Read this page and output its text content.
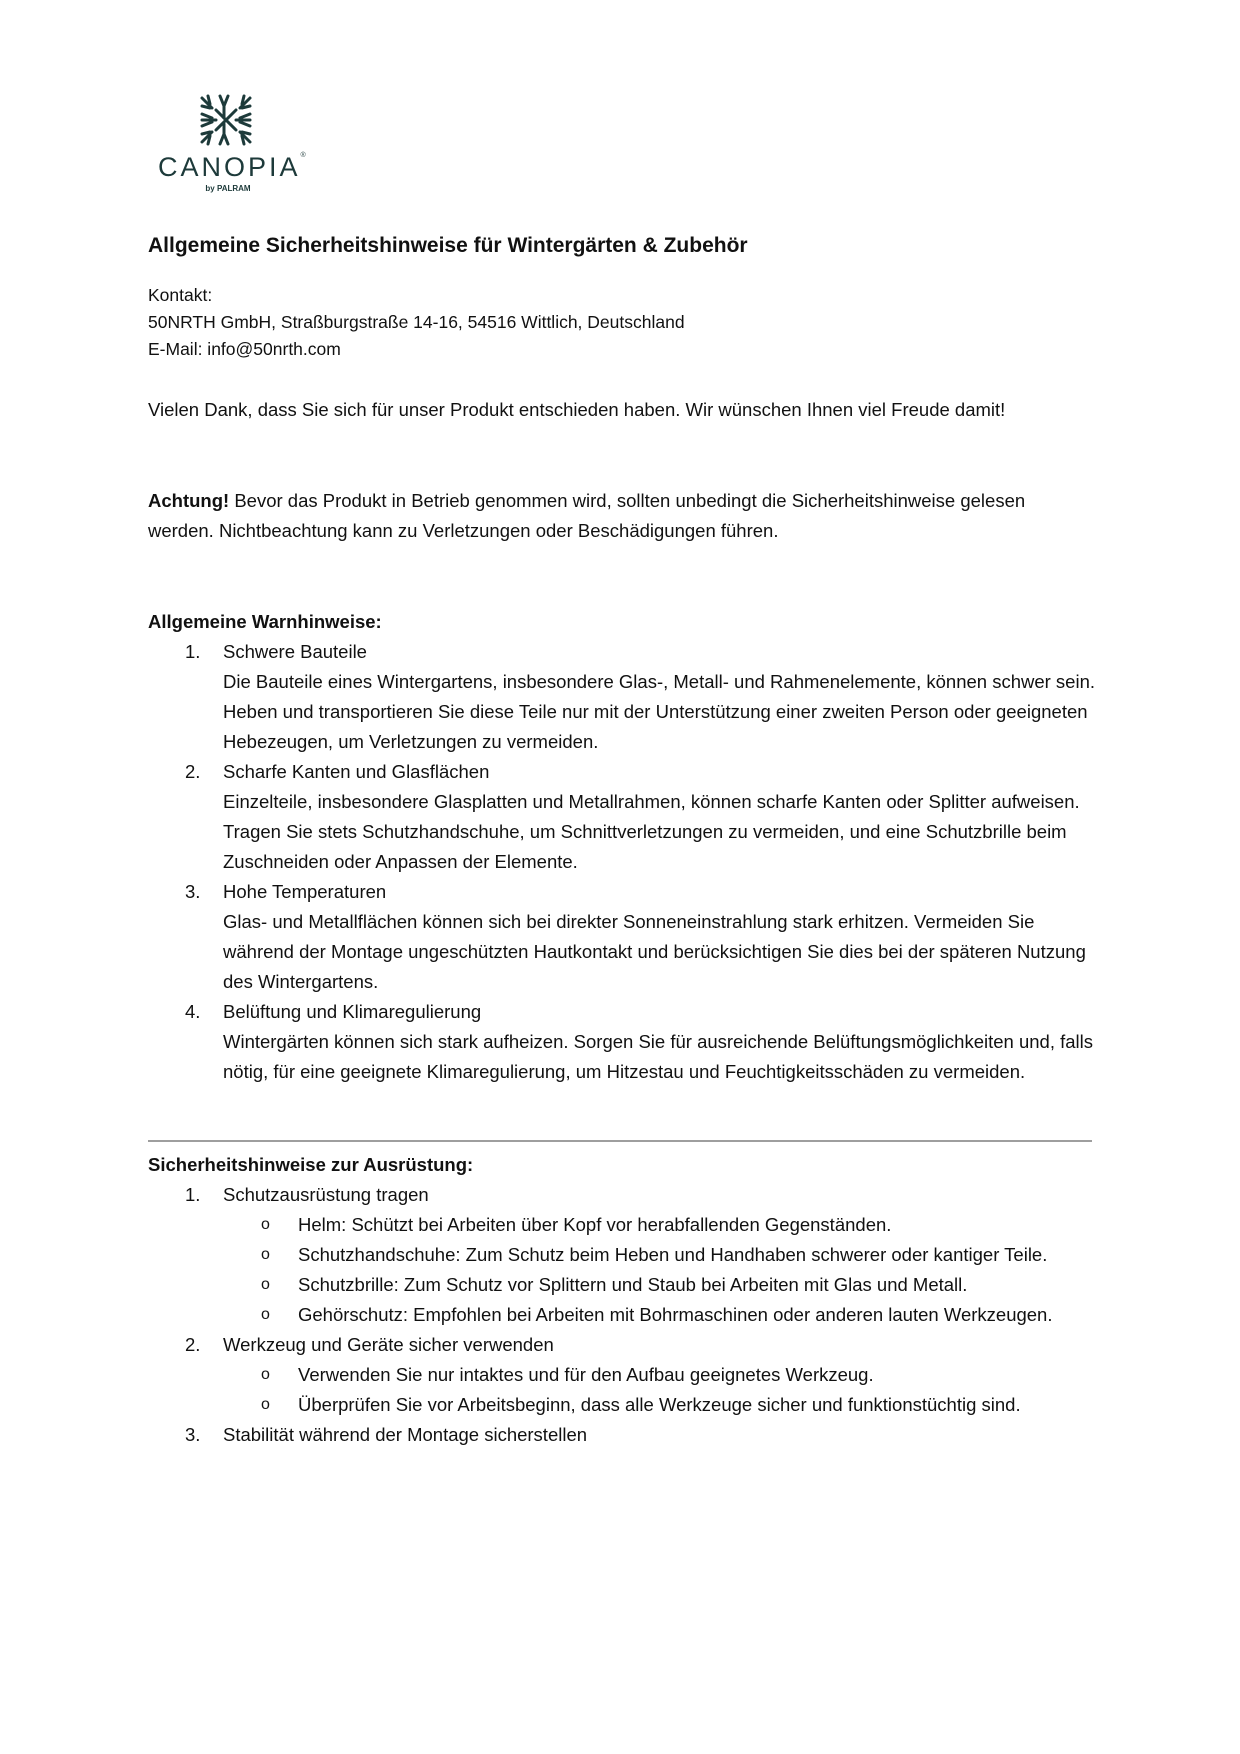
CANOPIA®
by PALRAM
Allgemeine Sicherheitshinweise für Wintergärten & Zubehör
Kontakt:
50NRTH GmbH, Straßburgstraße 14-16, 54516 Wittlich, Deutschland
E-Mail: info@50nrth.com

Vielen Dank, dass Sie sich für unser Produkt entschieden haben. Wir wünschen Ihnen viel Freude damit!

Achtung! Bevor das Produkt in Betrieb genommen wird, sollten unbedingt die Sicherheitshinweise gelesen werden. Nichtbeachtung kann zu Verletzungen oder Beschädigungen führen.

Allgemeine Warnhinweise:
1. Schwere Bauteile
Die Bauteile eines Wintergartens, insbesondere Glas-, Metall- und Rahmenelemente, können schwer sein. Heben und transportieren Sie diese Teile nur mit der Unterstützung einer zweiten Person oder geeigneten Hebezeugen, um Verletzungen zu vermeiden.
2. Scharfe Kanten und Glasflächen
Einzelteile, insbesondere Glasplatten und Metallrahmen, können scharfe Kanten oder Splitter aufweisen. Tragen Sie stets Schutzhandschuhe, um Schnittverletzungen zu vermeiden, und eine Schutzbrille beim Zuschneiden oder Anpassen der Elemente.
3. Hohe Temperaturen
Glas- und Metallflächen können sich bei direkter Sonneneinstrahlung stark erhitzen. Vermeiden Sie während der Montage ungeschützten Hautkontakt und berücksichtigen Sie dies bei der späteren Nutzung des Wintergartens.
4. Belüftung und Klimaregulierung
Wintergärten können sich stark aufheizen. Sorgen Sie für ausreichende Belüftungsmöglichkeiten und, falls nötig, für eine geeignete Klimaregulierung, um Hitzestau und Feuchtigkeitsschäden zu vermeiden.
Sicherheitshinweise zur Ausrüstung:
1. Schutzausrüstung tragen
o Helm: Schützt bei Arbeiten über Kopf vor herabfallenden Gegenständen.
o Schutzhandschuhe: Zum Schutz beim Heben und Handhaben schwerer oder kantiger Teile.
o Schutzbrille: Zum Schutz vor Splittern und Staub bei Arbeiten mit Glas und Metall.
o Gehörschutz: Empfohlen bei Arbeiten mit Bohrmaschinen oder anderen lauten Werkzeugen.
2. Werkzeug und Geräte sicher verwenden
o Verwenden Sie nur intaktes und für den Aufbau geeignetes Werkzeug.
o Überprüfen Sie vor Arbeitsbeginn, dass alle Werkzeuge sicher und funktionstüchtig sind.
3. Stabilität während der Montage sicherstellen
